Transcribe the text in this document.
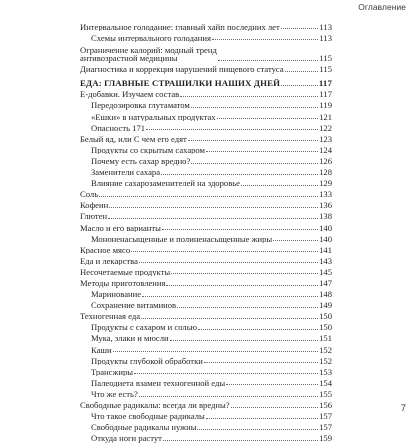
Оглавление
Интервальное голодание: главный хайп последних лет	113
Схемы интервального голодания	113
Ограничение калорий: модный тренд
антивозрастной медицины	115
Диагностика и коррекция нарушений пищевого статуса	115
ЕДА: ГЛАВНЫЕ СТРАШИЛКИ НАШИХ ДНЕЙ	117
Е-добавки. Изучаем состав	117
Передозировка глутаматом	119
«Ешки» в натуральных продуктах	121
Опасность 171	122
Белый яд, или С чем его едят	123
Продукты со скрытым сахаром	124
Почему есть сахар вредно?	126
Заменители сахара	128
Влияние сахарозаменителей на здоровье	129
Соль	133
Кофеин	136
Глютен	138
Масло и его варианты	140
Мононенасыщенные и полиненасыщенные жиры	140
Красное мясо	141
Еда и лекарства	143
Несочетаемые продукты	145
Методы приготовления	147
Маринование	148
Сохранение витаминов	149
Техногенная еда	150
Продукты с сахаром и солью	150
Мука, злаки и мюсли	151
Каши	152
Продукты глубокой обработки	152
Трансжиры	153
Палеодиета взамен техногенной еды	154
Что же есть?	155
Свободные радикалы: всегда ли вредны?	156
Что такое свободные радикалы	157
Свободные радикалы нужны	157
Откуда ноги растут	159
7
